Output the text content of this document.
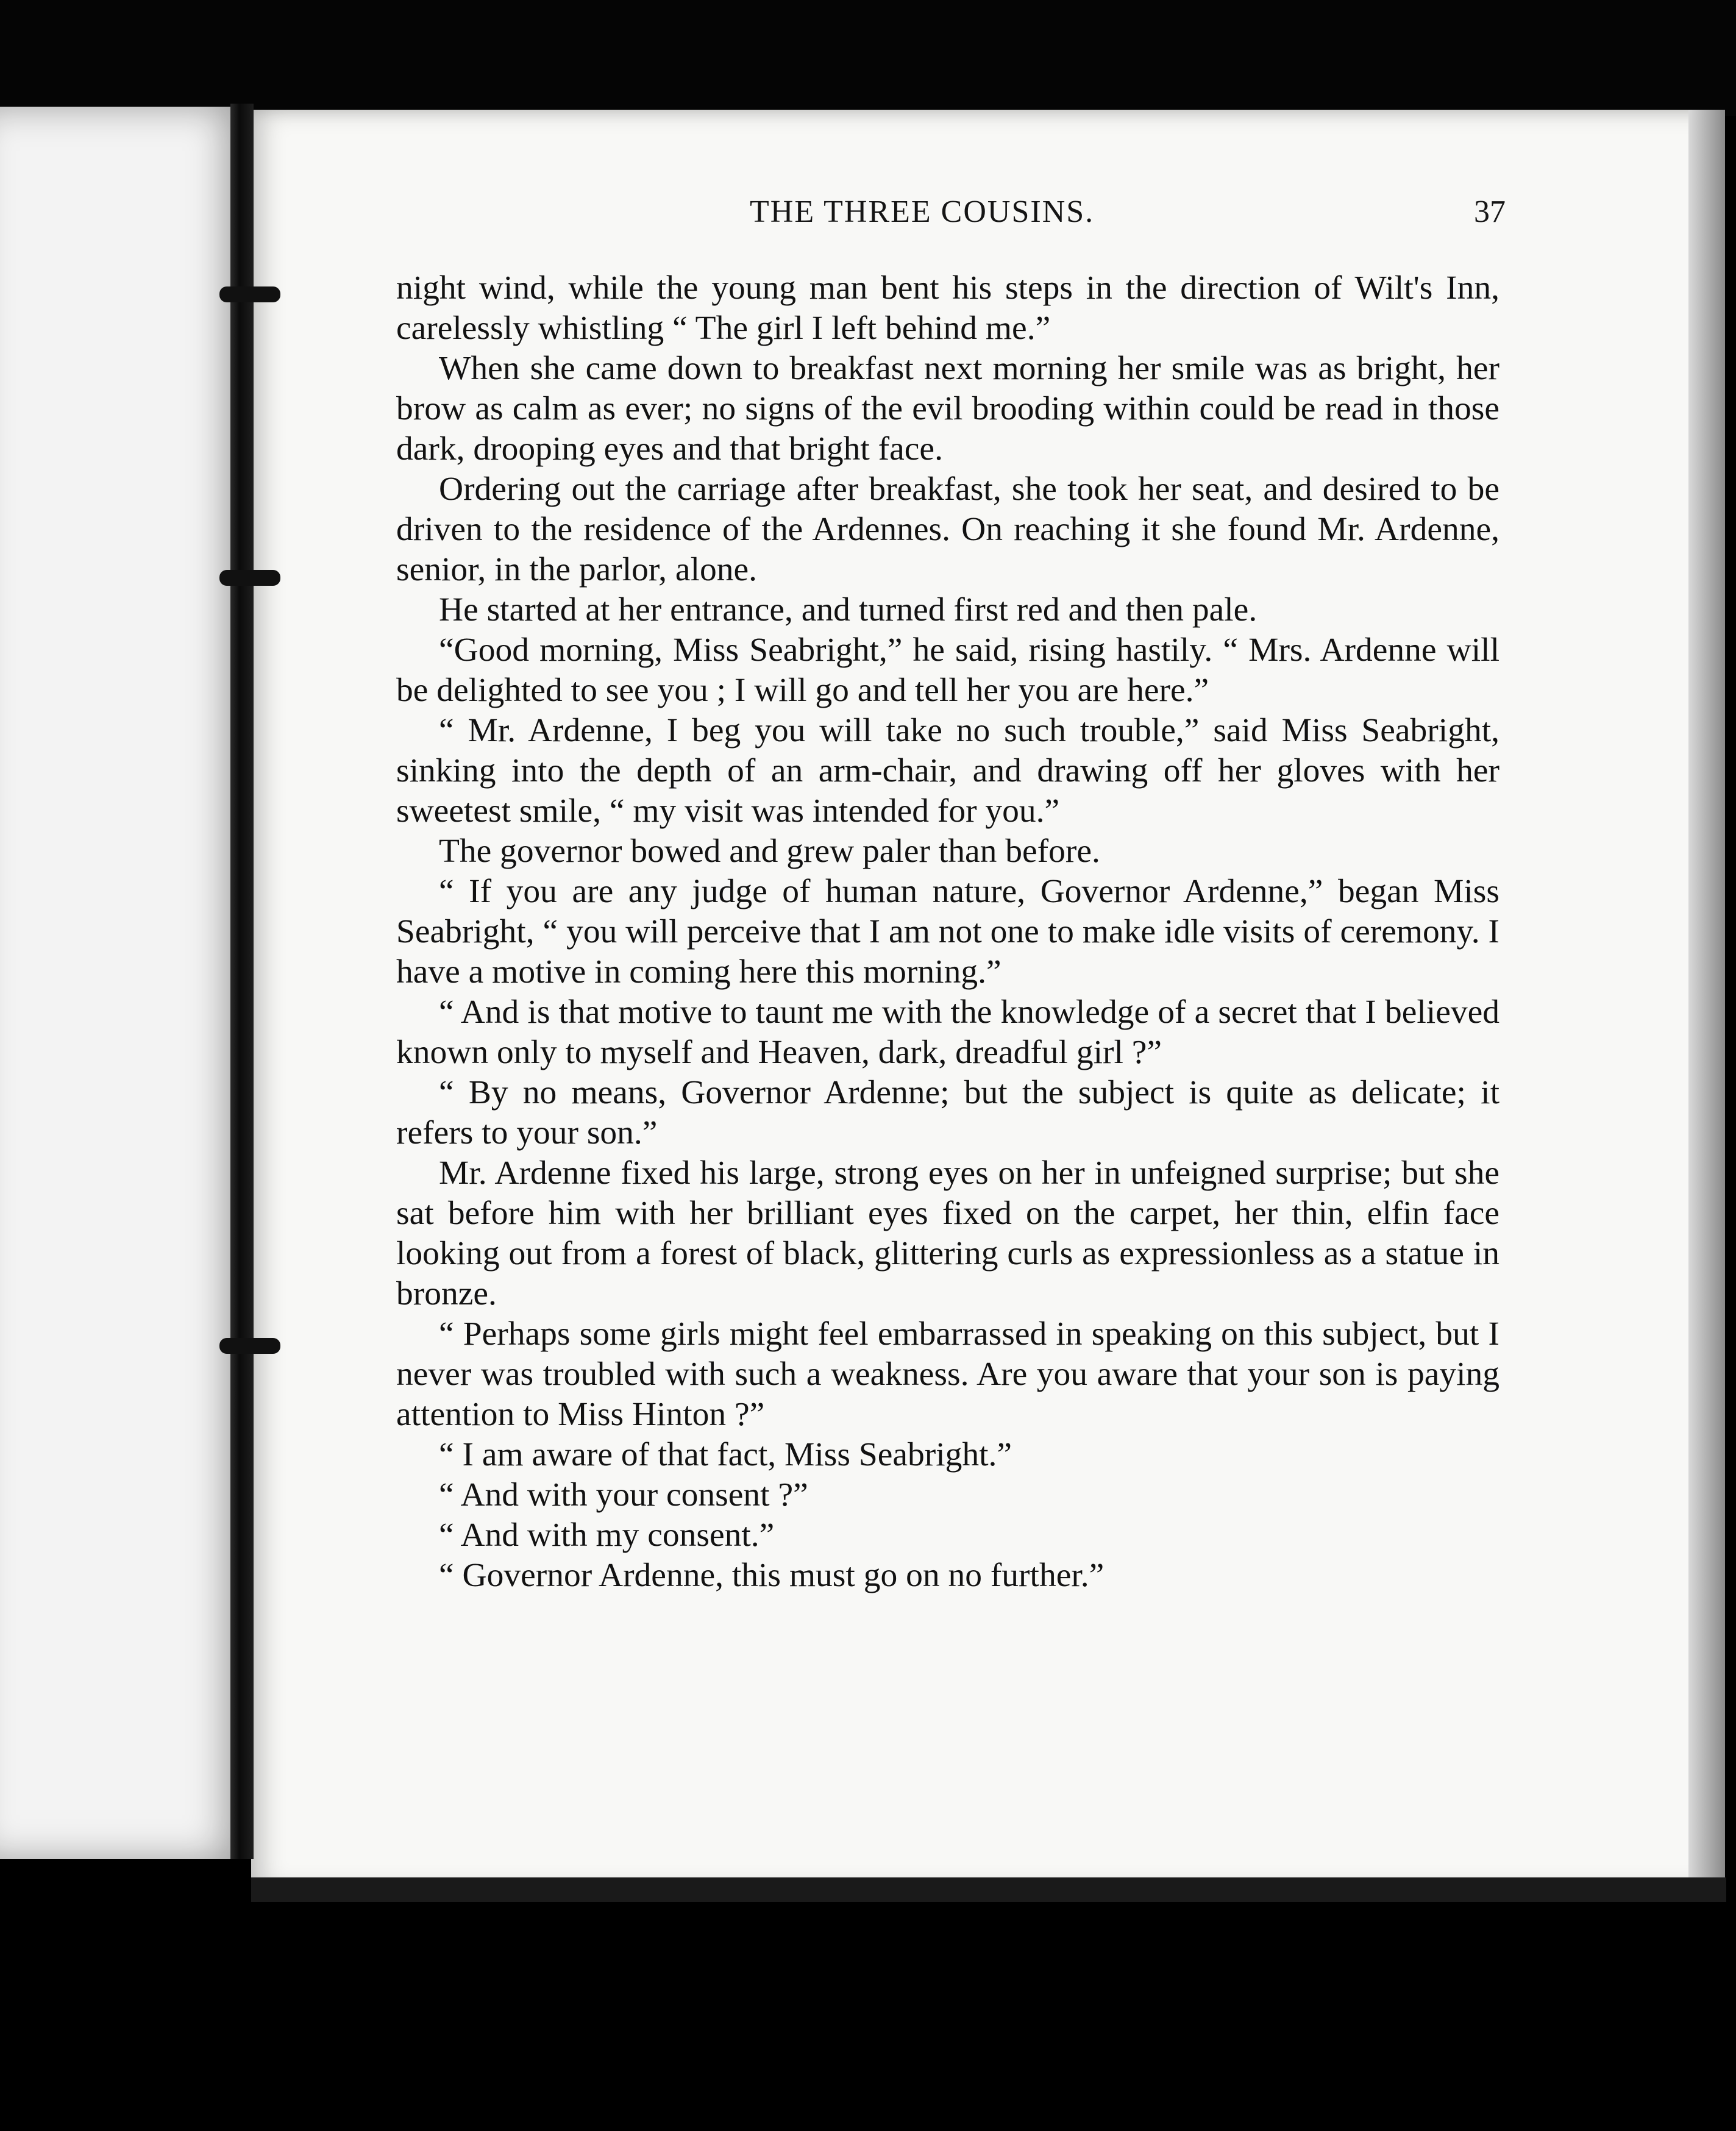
THE THREE COUSINS.	37

night wind, while the young man bent his steps in the direction of Wilt's Inn, carelessly whistling “ The girl I left behind me.”

When she came down to breakfast next morning her smile was as bright, her brow as calm as ever; no signs of the evil brooding within could be read in those dark, drooping eyes and that bright face.

Ordering out the carriage after breakfast, she took her seat, and desired to be driven to the residence of the Ardennes. On reaching it she found Mr. Ardenne, senior, in the parlor, alone.

He started at her entrance, and turned first red and then pale.

“Good morning, Miss Seabright,” he said, rising hastily. “ Mrs. Ardenne will be delighted to see you ; I will go and tell her you are here.”

“ Mr. Ardenne, I beg you will take no such trouble,” said Miss Seabright, sinking into the depth of an arm-chair, and drawing off her gloves with her sweetest smile, “ my visit was intended for you.”

The governor bowed and grew paler than before.

“ If you are any judge of human nature, Governor Ardenne,” began Miss Seabright, “ you will perceive that I am not one to make idle visits of ceremony. I have a motive in coming here this morning.”

“ And is that motive to taunt me with the knowledge of a secret that I believed known only to myself and Heaven, dark, dreadful girl ?”

“ By no means, Governor Ardenne; but the subject is quite as delicate; it refers to your son.”

Mr. Ardenne fixed his large, strong eyes on her in unfeigned surprise; but she sat before him with her brilliant eyes fixed on the carpet, her thin, elfin face looking out from a forest of black, glittering curls as expressionless as a statue in bronze.

“ Perhaps some girls might feel embarrassed in speaking on this subject, but I never was troubled with such a weakness. Are you aware that your son is paying attention to Miss Hinton ?”

“ I am aware of that fact, Miss Seabright.”

“ And with your consent ?”

“ And with my consent.”

“ Governor Ardenne, this must go on no further.”
